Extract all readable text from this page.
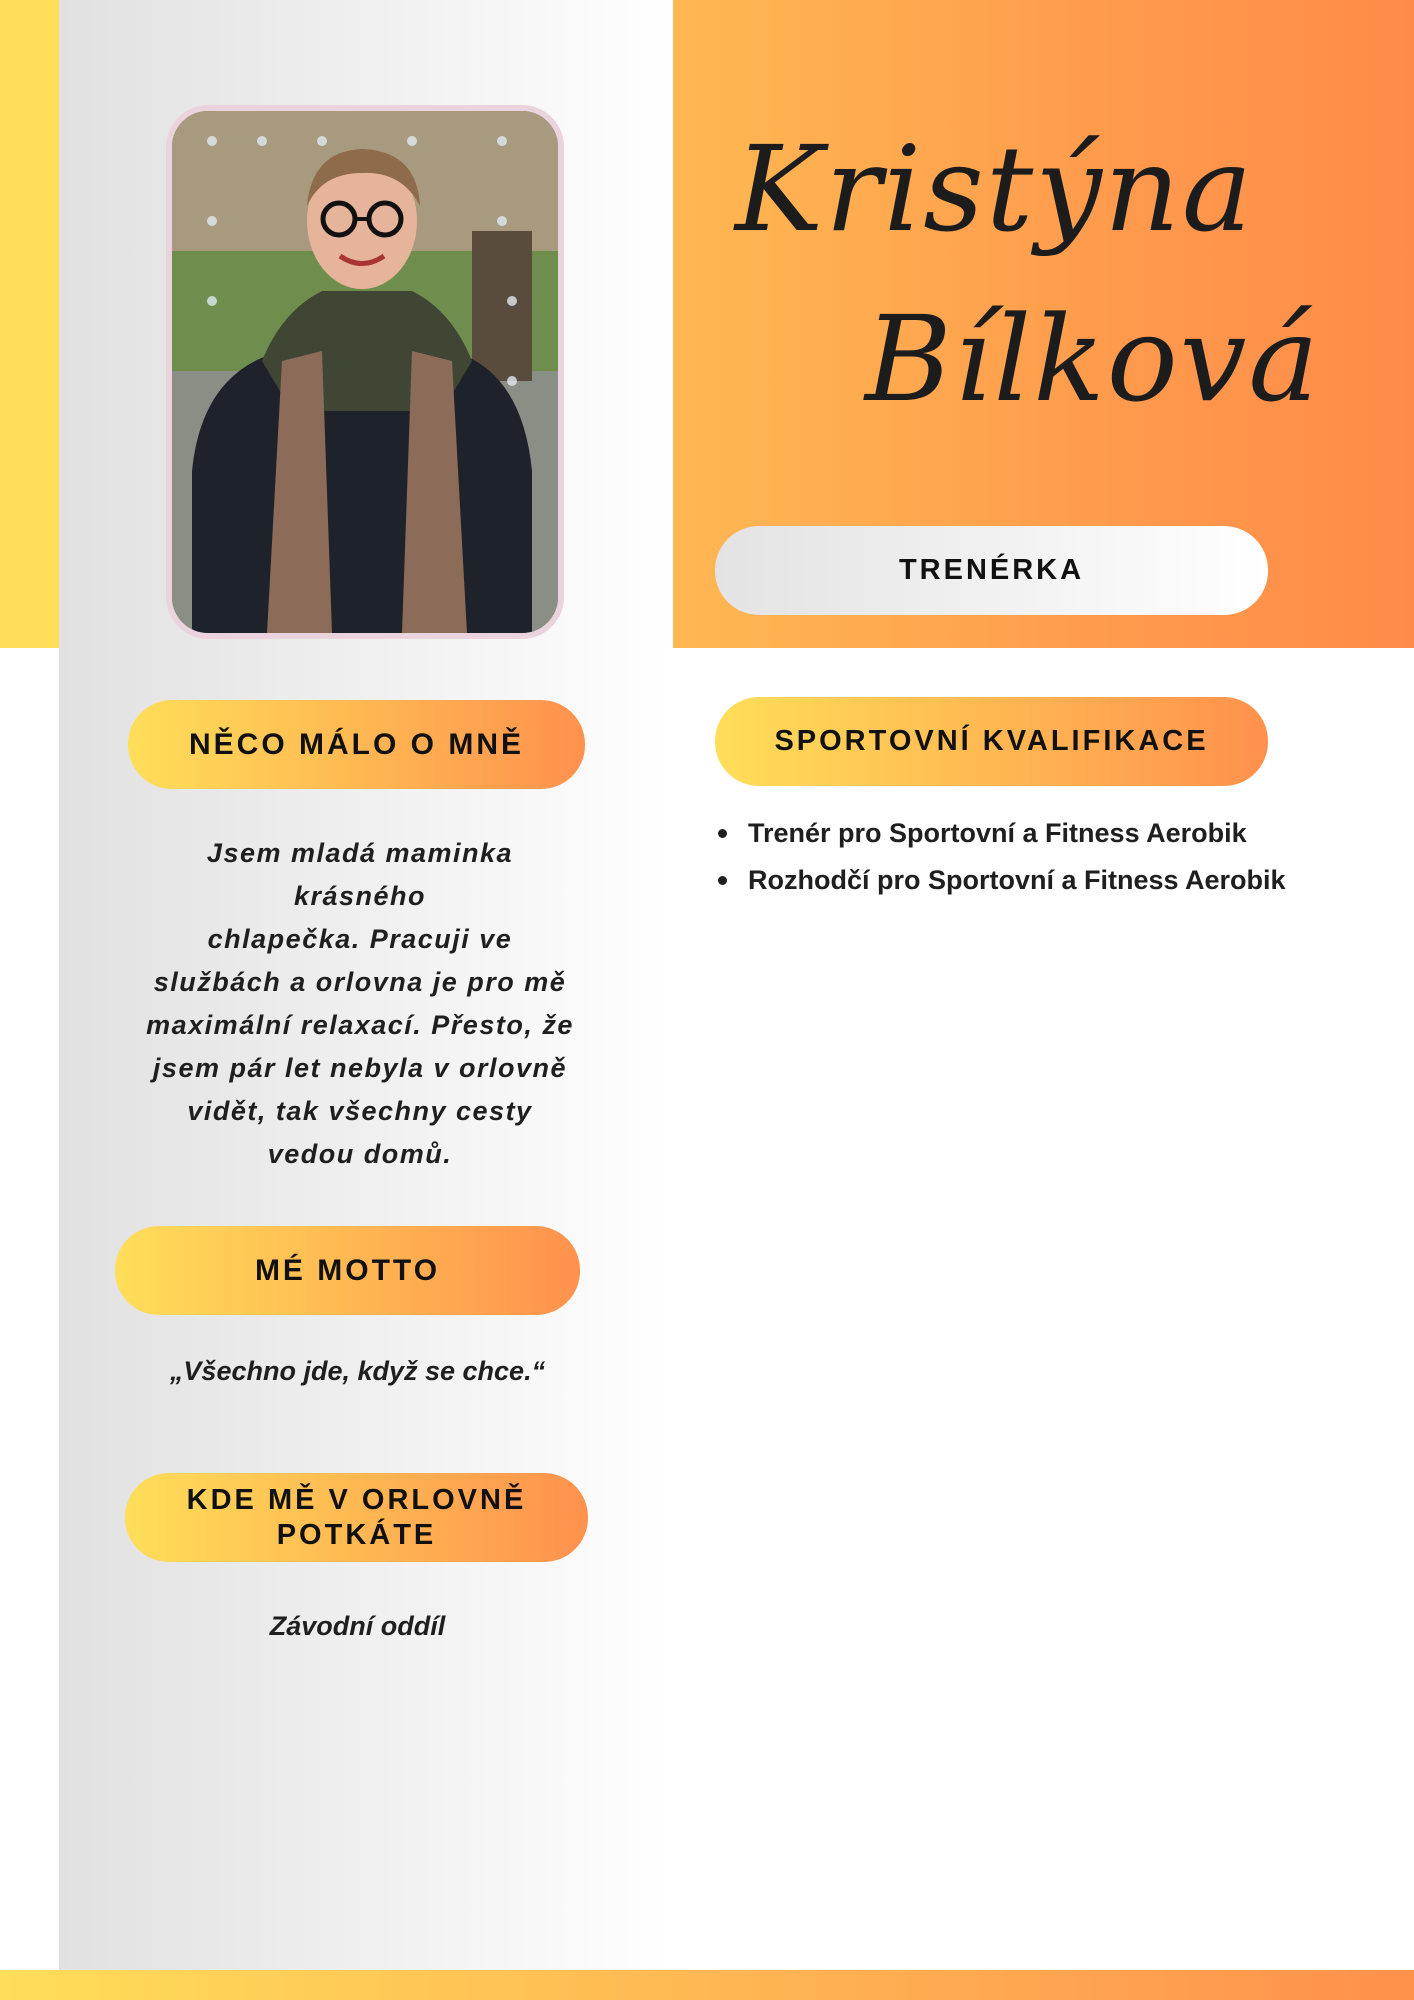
Kristýna
Bílková
TRENÉRKA
NĚCO MÁLO O MNĚ
Jsem mladá maminka
krásného
chlapečka. Pracuji ve
službách a orlovna je pro mě
maximální relaxací. Přesto, že
jsem pár let nebyla v orlovně
vidět, tak všechny cesty
vedou domů.
MÉ MOTTO
„Všechno jde, když se chce.“
KDE MĚ V ORLOVNĚ POTKÁTE
Závodní oddíl
SPORTOVNÍ KVALIFIKACE
Trenér pro Sportovní a Fitness Aerobik
Rozhodčí pro Sportovní a Fitness Aerobik
